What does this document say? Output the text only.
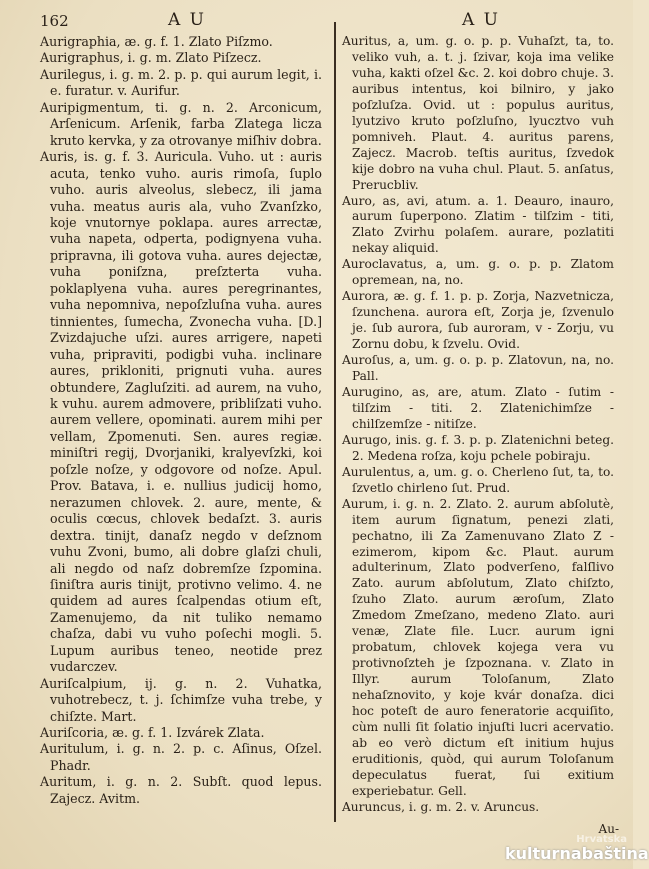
162	A U	A U

Aurigraphia, æ. g. f. 1. Zlato Piſzmo.

Aurigraphus, i. g. m. Zlato Piſzecz.

Aurilegus, i. g. m. 2. p. p. qui aurum legit, i. e. furatur. v. Aurifur.

Auripigmentum, ti. g. n. 2. Arconicum, Arſenicum. Arſenik, farba Zlatega licza kruto kervka, y za otrovanye miſhiv dobra.

Auris, is. g. f. 3. Auricula. Vuho. ut : auris acuta, tenko vuho. auris rimoſa, ſuplo vuho. auris alveolus, slebecz, ili jama vuha. meatus auris ala, vuho Zvanſzko, koje vnutornye poklapa. aures arrectæ, vuha napeta, odperta, podignyena vuha. pripravna, ili gotova vuha. aures dejectæ, vuha poniſzna, preſzterta vuha. poklaplyena vuha. aures peregrinantes, vuha nepomniva, nepoſzluſna vuha. aures tinnientes, ſumecha, Zvonecha vuha. [D.] Zvizdajuche uſzi. aures arrigere, napeti vuha, pripraviti, podigbi vuha. inclinare aures, prikloniti, prignuti vuha. aures obtundere, Zagluſziti. ad aurem, na vuho, k vuhu. aurem admovere, pribliſzati vuho. aurem vellere, opominati. aurem mihi per vellam, Zpomenuti. Sen. aures regiæ. miniſtri regij, Dvorjaniki, kralyevſzki, koi poſzle noſze, y odgovore od noſze. Apul. Prov. Batava, i. e. nullius judicij homo, nerazumen chlovek. 2. aure, mente, & oculis cœcus, chlovek bedaſzt. 3. auris dextra. tinijt, danaſz negdo v deſznom vuhu Zvoni, bumo, ali dobre glaſzi chuli, ali negdo od naſz dobremſze ſzpomina. ſiniſtra auris tinijt, protivno velimo. 4. ne quidem ad aures ſcalpendas otium eſt, Zamenujemo, da nit tuliko nemamo chaſza, dabi vu vuho poſechi mogli. 5. Lupum auribus teneo, neotide prez vudarczev.

Auriſcalpium, ij. g. n. 2. Vuhatka, vuhotrebecz, t. j. ſchimſze vuha trebe, y chiſzte. Mart.

Auriſcoria, æ. g. f. 1. Izvárek Zlata.

Auritulum, i. g. n. 2. p. c. Aſinus, Oſzel. Phadr.

Auritum, i. g. n. 2. Subſt. quod lepus. Zajecz. Avitm.

Auritus, a, um. g. o. p. p. Vuhaſzt, ta, to. veliko vuh, a. t. j. ſzivar, koja ima velike vuha, kakti oſzel &c. 2. koi dobro chuje. 3. auribus intentus, koi bilniro, y jako poſzluſza. Ovid. ut : populus auritus, lyutzivo kruto poſzluſno, lyucztvo vuh pomniveh. Plaut. 4. auritus parens, Zajecz. Macrob. teſtis auritus, ſzvedok kije dobro na vuha chul. Plaut. 5. anſatus, Prerucbliv.

Auro, as, avi, atum. a. 1. Deauro, inauro, aurum ſuperpono. Zlatim - tilſzim - titi, Zlato Zvirhu polaſem. aurare, pozlatiti nekay aliquid.

Auroclavatus, a, um. g. o. p. p. Zlatom opremean, na, no.

Aurora, æ. g. f. 1. p. p. Zorja, Nazvetnicza, ſzunchena. aurora eſt, Zorja je, ſzvenulo je. ſub aurora, ſub auroram, v - Zorju, vu Zornu dobu, k ſzvelu. Ovid.

Auroſus, a, um. g. o. p. p. Zlatovun, na, no. Pall.

Aurugino, as, are, atum. Zlato - ſutim - tilſzim - titi. 2. Zlatenichimſze - chilſzemſze - nitiſze.

Aurugo, inis. g. f. 3. p. p. Zlatenichni beteg. 2. Medena roſza, koju pchele pobiraju.

Aurulentus, a, um. g. o. Cherleno ſut, ta, to. ſzvetlo chirleno ſut. Prud.

Aurum, i. g. n. 2. Zlato. 2. aurum abſolutè, item aurum ſignatum, penezi zlati, pechatno, ili Za Zamenuvano Zlato Z - ezimerom, kipom &c. Plaut. aurum adulterinum, Zlato podverſeno, falſlivo Zato. aurum abſolutum, Zlato chiſzto, ſzuho Zlato. aurum æroſum, Zlato Zmedom Zmeſzano, medeno Zlato. auri venæ, Zlate file. Lucr. aurum igni probatum, chlovek kojega vera vu protivnoſzteh je ſzpoznana. v. Zlato in Illyr. aurum Toloſanum, Zlato nehaſznovito, y koje kvár donaſza. dici hoc poteſt de auro feneratorie acquiſito, cùm nulli ſit ſolatio injuſti lucri acervatio. ab eo verò dictum eſt initium hujus eruditionis, quòd, qui aurum Toloſanum depeculatus fuerat, ſui exitium experiebatur. Gell.

Auruncus, i. g. m. 2. v. Aruncus.

Hrvatska
kulturnabaština
Au-
